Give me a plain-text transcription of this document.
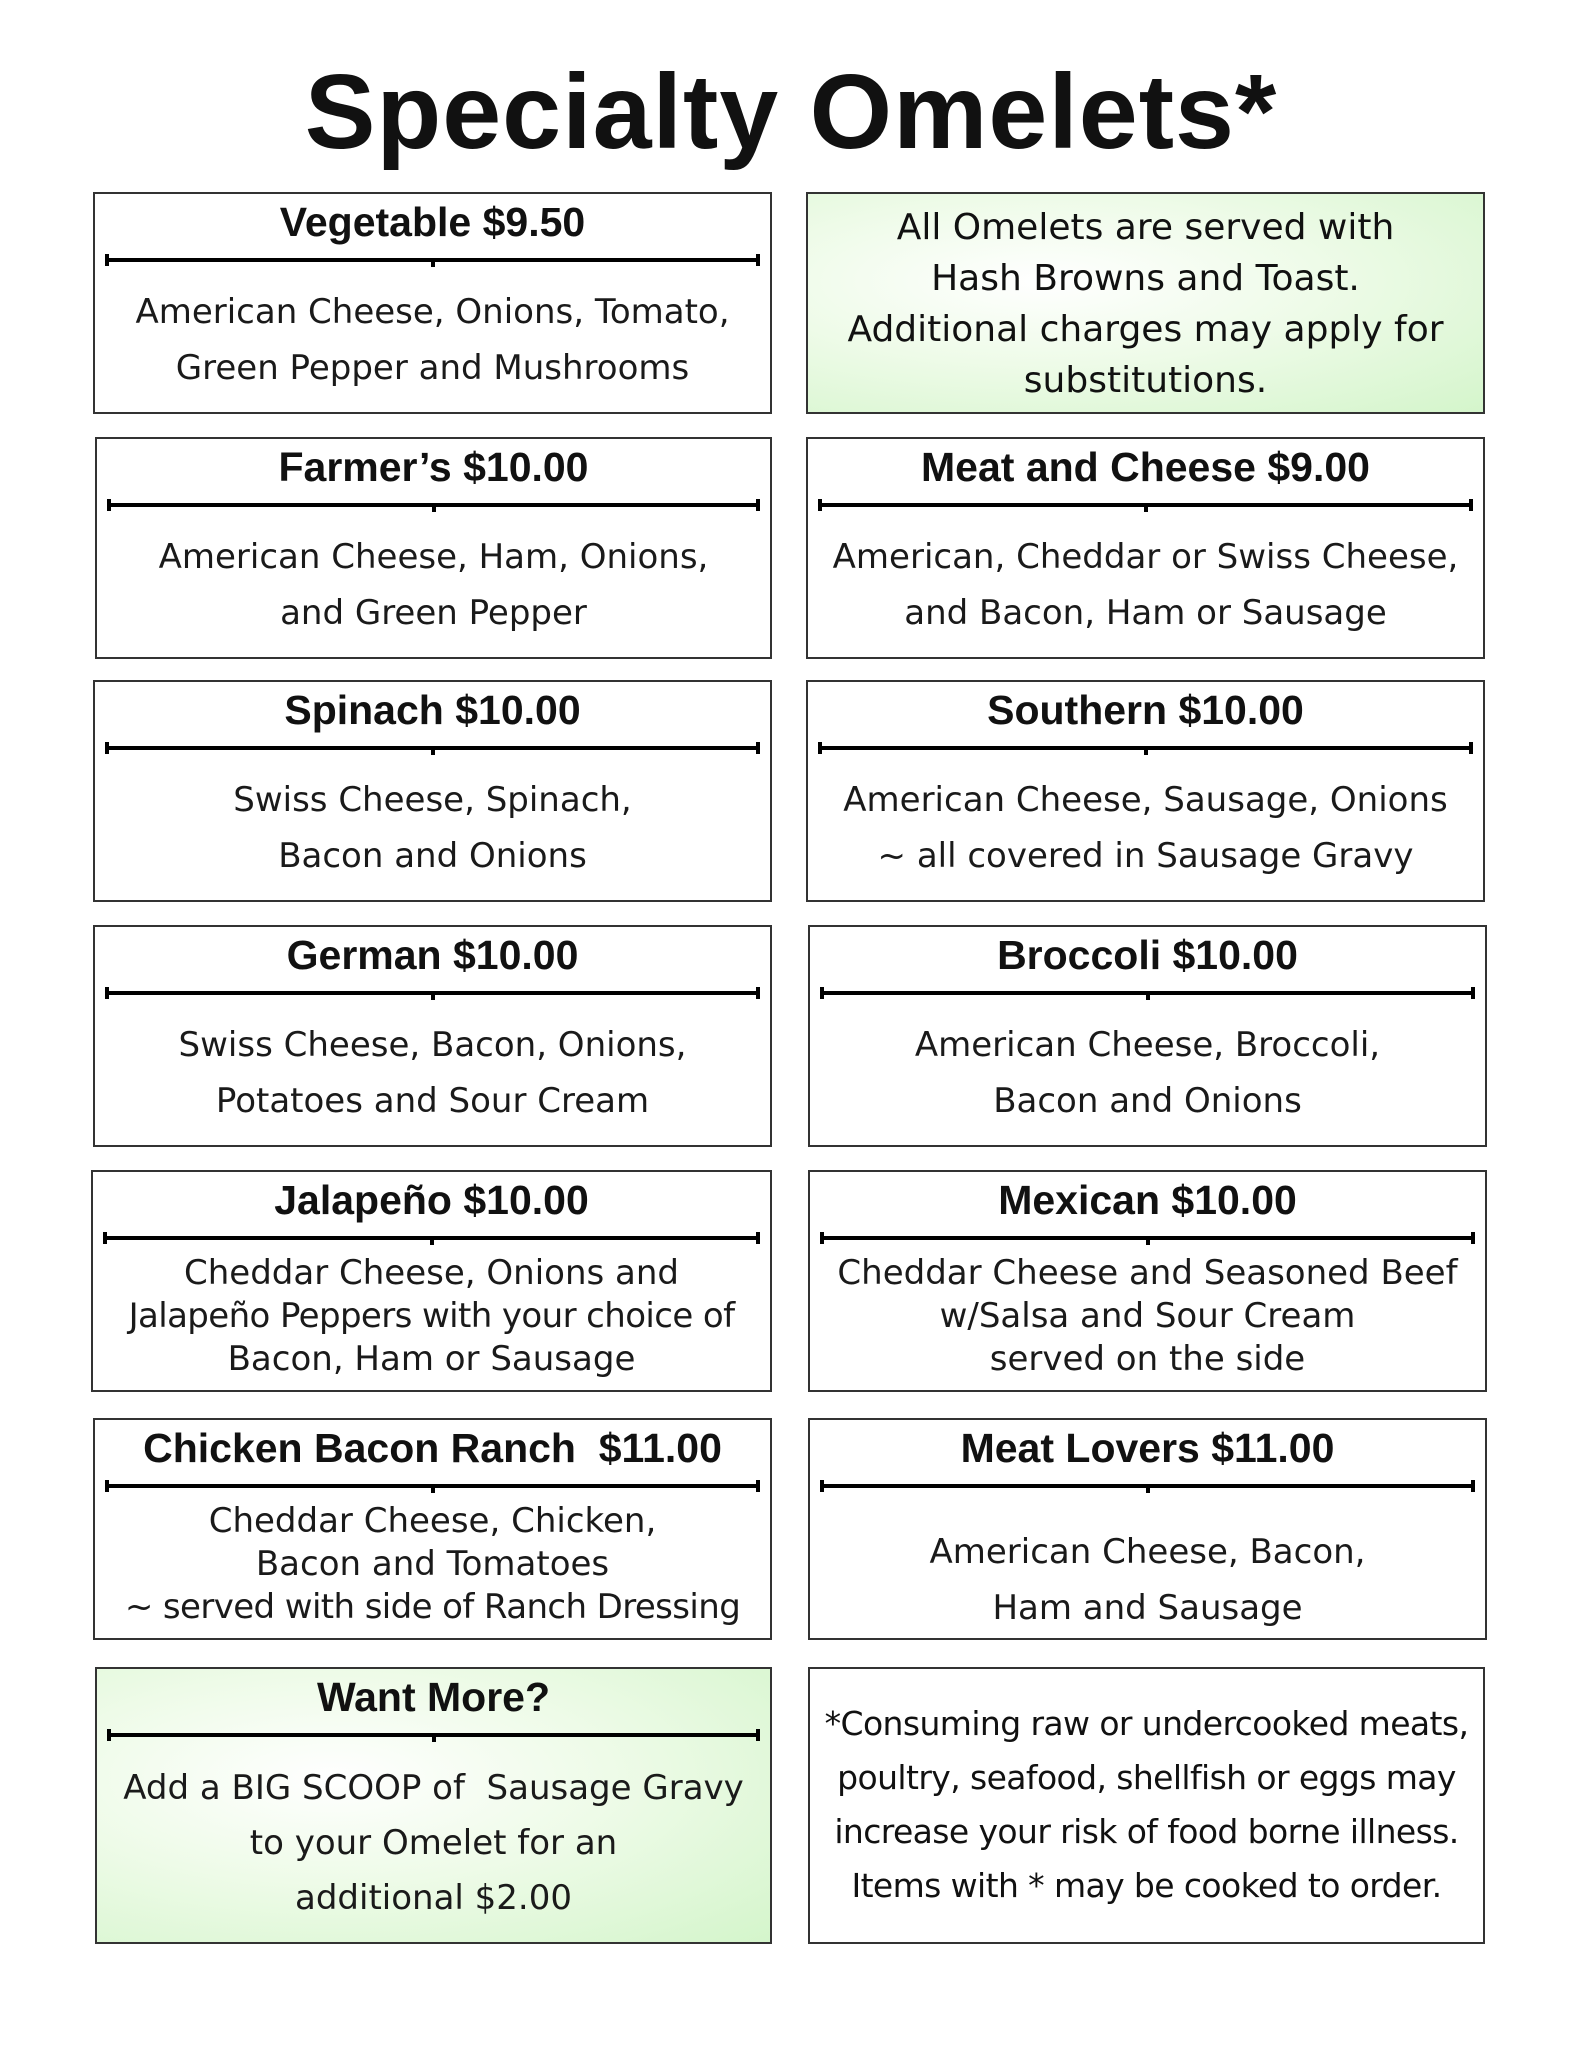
Specialty Omelets*
Vegetable $9.50
American Cheese, Onions, Tomato,
Green Pepper and Mushrooms
All Omelets are served with
Hash Browns and Toast.
Additional charges may apply for
substitutions.
Farmer’s $10.00
American Cheese, Ham, Onions,
and Green Pepper
Meat and Cheese $9.00
American, Cheddar or Swiss Cheese,
and Bacon, Ham or Sausage
Spinach $10.00
Swiss Cheese, Spinach,
Bacon and Onions
Southern $10.00
American Cheese, Sausage, Onions
~ all covered in Sausage Gravy
German $10.00
Swiss Cheese, Bacon, Onions,
Potatoes and Sour Cream
Broccoli $10.00
American Cheese, Broccoli,
Bacon and Onions
Jalapeño $10.00
Cheddar Cheese, Onions and
Jalapeño Peppers with your choice of
Bacon, Ham or Sausage
Mexican $10.00
Cheddar Cheese and Seasoned Beef
w/Salsa and Sour Cream
served on the side
Chicken Bacon Ranch  $11.00
Cheddar Cheese, Chicken,
Bacon and Tomatoes
~ served with side of Ranch Dressing
Meat Lovers $11.00
American Cheese, Bacon,
Ham and Sausage
Want More?
Add a BIG SCOOP of  Sausage Gravy
to your Omelet for an
additional $2.00
*Consuming raw or undercooked meats,
poultry, seafood, shellfish or eggs may
increase your risk of food borne illness.
Items with * may be cooked to order.
